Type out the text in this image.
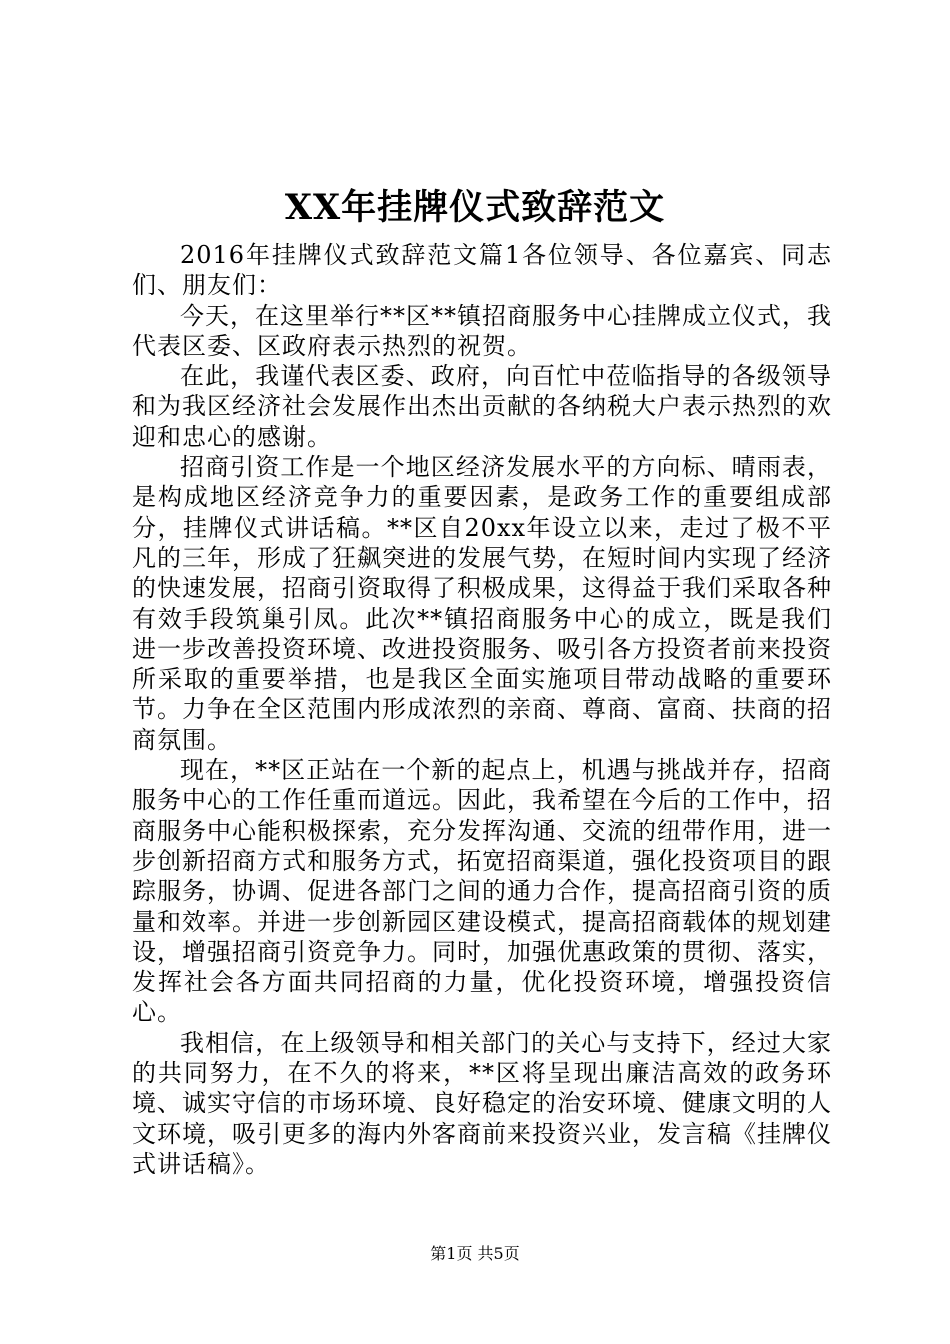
XX年挂牌仪式致辞范文

2016年挂牌仪式致辞范文篇1各位领导、各位嘉宾、同志们、朋友们：

今天，在这里举行**区**镇招商服务中心挂牌成立仪式，我代表区委、区政府表示热烈的祝贺。

在此，我谨代表区委、政府，向百忙中莅临指导的各级领导和为我区经济社会发展作出杰出贡献的各纳税大户表示热烈的欢迎和忠心的感谢。

招商引资工作是一个地区经济发展水平的方向标、晴雨表，是构成地区经济竞争力的重要因素，是政务工作的重要组成部分，挂牌仪式讲话稿。**区自20xx年设立以来，走过了极不平凡的三年，形成了狂飙突进的发展气势，在短时间内实现了经济的快速发展，招商引资取得了积极成果，这得益于我们采取各种有效手段筑巢引凤。此次**镇招商服务中心的成立，既是我们进一步改善投资环境、改进投资服务、吸引各方投资者前来投资所采取的重要举措，也是我区全面实施项目带动战略的重要环节。力争在全区范围内形成浓烈的亲商、尊商、富商、扶商的招商氛围。

现在，**区正站在一个新的起点上，机遇与挑战并存，招商服务中心的工作任重而道远。因此，我希望在今后的工作中，招商服务中心能积极探索，充分发挥沟通、交流的纽带作用，进一步创新招商方式和服务方式，拓宽招商渠道，强化投资项目的跟踪服务，协调、促进各部门之间的通力合作，提高招商引资的质量和效率。并进一步创新园区建设模式，提高招商载体的规划建设，增强招商引资竞争力。同时，加强优惠政策的贯彻、落实，发挥社会各方面共同招商的力量，优化投资环境，增强投资信心。

我相信，在上级领导和相关部门的关心与支持下，经过大家的共同努力，在不久的将来，**区将呈现出廉洁高效的政务环境、诚实守信的市场环境、良好稳定的治安环境、健康文明的人文环境，吸引更多的海内外客商前来投资兴业，发言稿《挂牌仪式讲话稿》。

第1页 共5页
